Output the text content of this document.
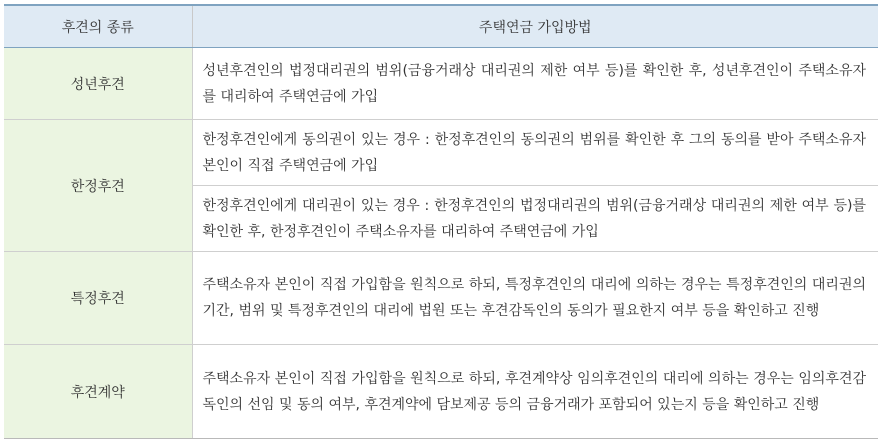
후견의 종류	주택연금 가입방법
성년후견	성년후견인의 법정대리권의 범위(금융거래상 대리권의 제한 여부 등)를 확인한 후, 성년후견인이 주택소유자를 대리하여 주택연금에 가입
한정후견	한정후견인에게 동의권이 있는 경우 : 한정후견인의 동의권의 범위를 확인한 후 그의 동의를 받아 주택소유자 본인이 직접 주택연금에 가입
	한정후견인에게 대리권이 있는 경우 : 한정후견인의 법정대리권의 범위(금융거래상 대리권의 제한 여부 등)를 확인한 후, 한정후견인이 주택소유자를 대리하여 주택연금에 가입
특정후견	주택소유자 본인이 직접 가입함을 원칙으로 하되, 특정후견인의 대리에 의하는 경우는 특정후견인의 대리권의 기간, 범위 및 특정후견인의 대리에 법원 또는 후견감독인의 동의가 필요한지 여부 등을 확인하고 진행
후견계약	주택소유자 본인이 직접 가입함을 원칙으로 하되, 후견계약상 임의후견인의 대리에 의하는 경우는 임의후견감독인의 선임 및 동의 여부, 후견계약에 담보제공 등의 금융거래가 포함되어 있는지 등을 확인하고 진행
